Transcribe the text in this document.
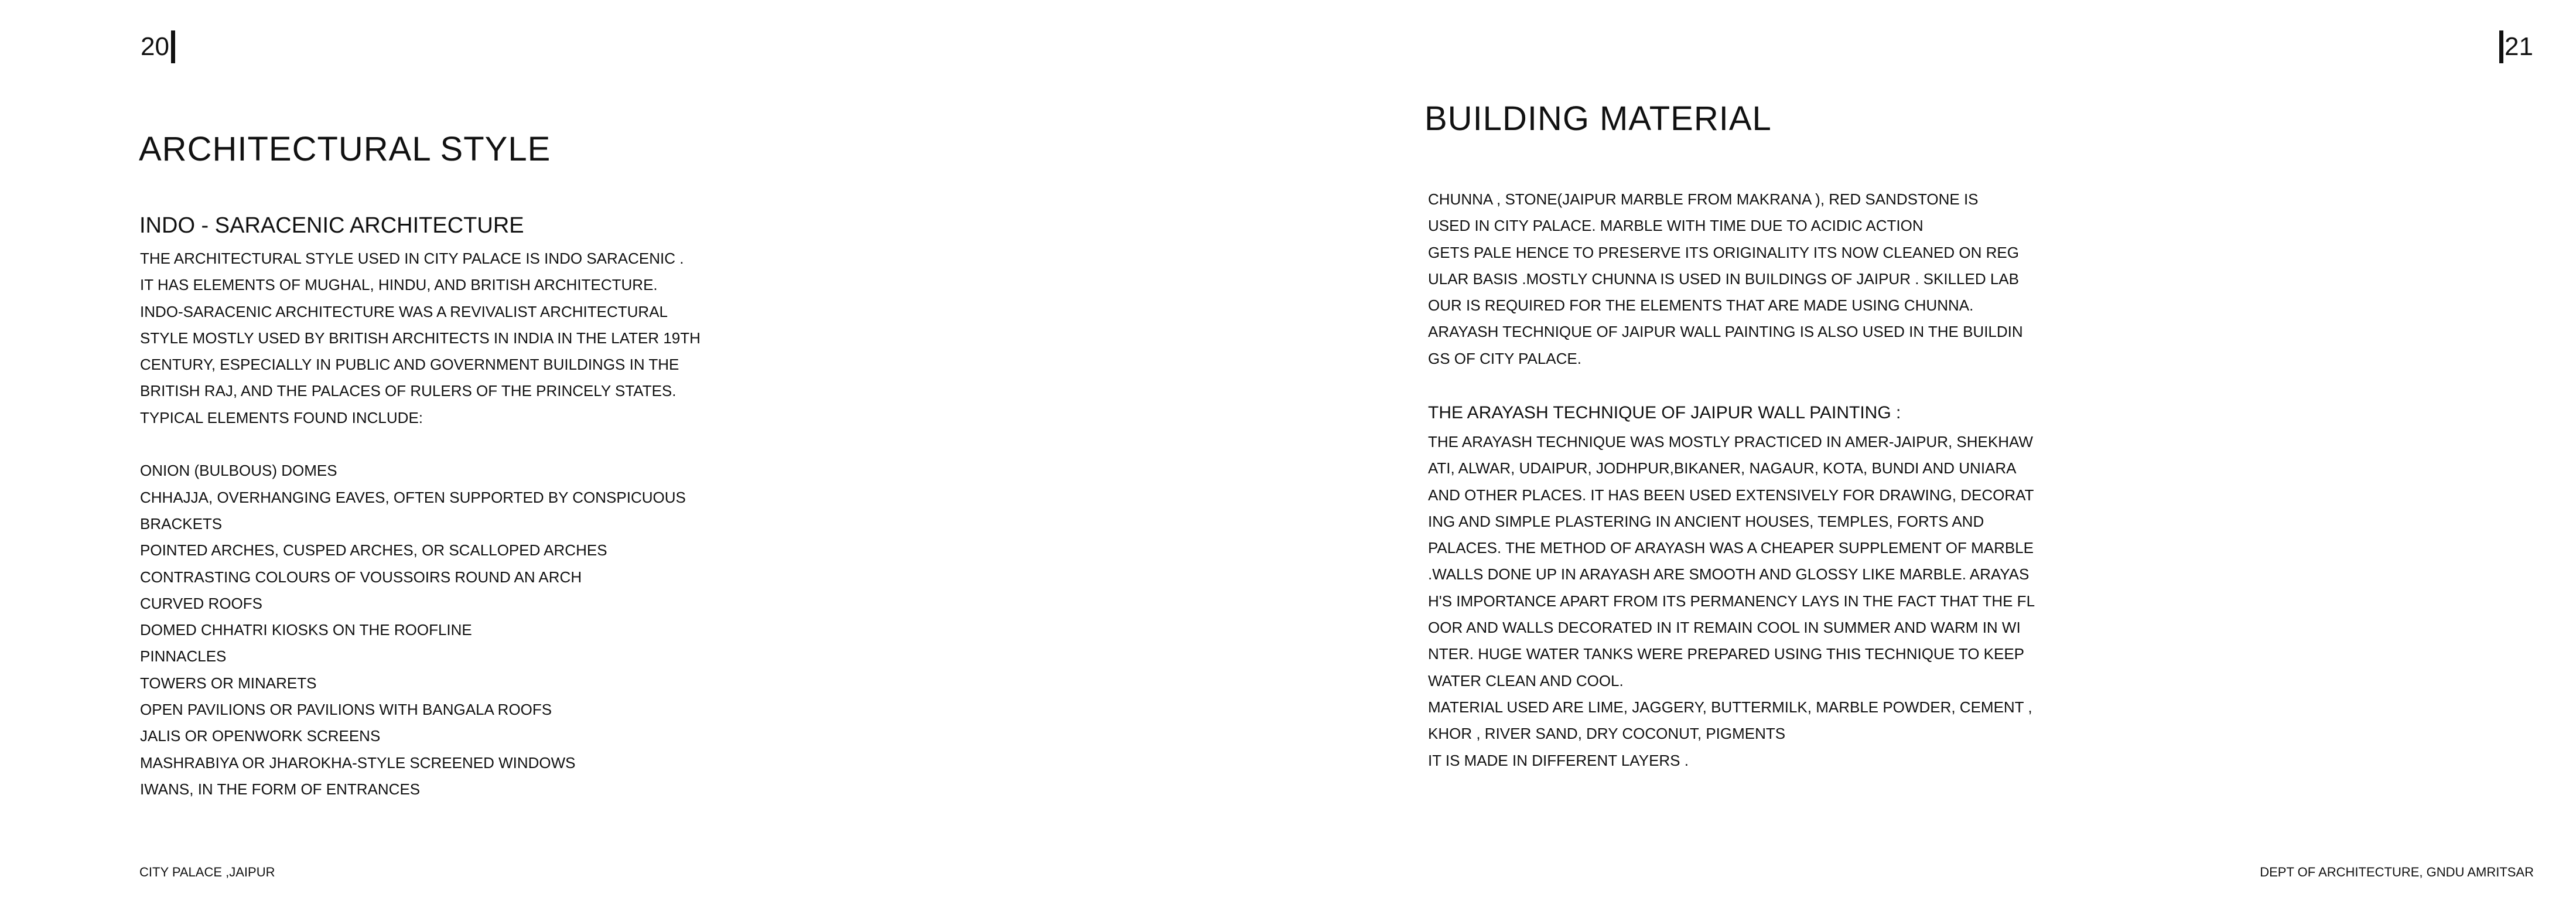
20
ARCHITECTURAL STYLE
INDO - SARACENIC ARCHITECTURE
THE ARCHITECTURAL STYLE USED IN CITY PALACE IS INDO SARACENIC .
IT HAS ELEMENTS OF MUGHAL, HINDU, AND BRITISH ARCHITECTURE.
INDO-SARACENIC ARCHITECTURE WAS A REVIVALIST ARCHITECTURAL
STYLE MOSTLY USED BY BRITISH ARCHITECTS IN INDIA IN THE LATER 19TH
CENTURY, ESPECIALLY IN PUBLIC AND GOVERNMENT BUILDINGS IN THE
BRITISH RAJ, AND THE PALACES OF RULERS OF THE PRINCELY STATES.
TYPICAL ELEMENTS FOUND INCLUDE:
ONION (BULBOUS) DOMES
CHHAJJA, OVERHANGING EAVES, OFTEN SUPPORTED BY CONSPICUOUS
BRACKETS
POINTED ARCHES, CUSPED ARCHES, OR SCALLOPED ARCHES
CONTRASTING COLOURS OF VOUSSOIRS ROUND AN ARCH
CURVED ROOFS
DOMED CHHATRI KIOSKS ON THE ROOFLINE
PINNACLES
TOWERS OR MINARETS
OPEN PAVILIONS OR PAVILIONS WITH BANGALA ROOFS
JALIS OR OPENWORK SCREENS
MASHRABIYA OR JHAROKHA-STYLE SCREENED WINDOWS
IWANS, IN THE FORM OF ENTRANCES
CITY PALACE ,JAIPUR
21
BUILDING MATERIAL
CHUNNA , STONE(JAIPUR MARBLE FROM MAKRANA ), RED SANDSTONE IS
USED IN CITY PALACE. MARBLE WITH TIME DUE TO ACIDIC ACTION
GETS PALE HENCE TO PRESERVE ITS ORIGINALITY ITS NOW CLEANED ON REG
ULAR BASIS .MOSTLY CHUNNA IS USED IN BUILDINGS OF JAIPUR . SKILLED LAB
OUR IS REQUIRED FOR THE ELEMENTS THAT ARE MADE USING CHUNNA.
ARAYASH TECHNIQUE OF JAIPUR WALL PAINTING IS ALSO USED IN THE BUILDIN
GS OF CITY PALACE.
THE ARAYASH TECHNIQUE OF JAIPUR WALL PAINTING :
THE ARAYASH TECHNIQUE WAS MOSTLY PRACTICED IN AMER-JAIPUR, SHEKHAW
ATI, ALWAR, UDAIPUR, JODHPUR,BIKANER, NAGAUR, KOTA, BUNDI AND UNIARA
AND OTHER PLACES. IT HAS BEEN USED EXTENSIVELY FOR DRAWING, DECORAT
ING AND SIMPLE PLASTERING IN ANCIENT HOUSES, TEMPLES, FORTS AND
PALACES. THE METHOD OF ARAYASH WAS A CHEAPER SUPPLEMENT OF MARBLE
.WALLS DONE UP IN ARAYASH ARE SMOOTH AND GLOSSY LIKE MARBLE. ARAYAS
H'S IMPORTANCE APART FROM ITS PERMANENCY LAYS IN THE FACT THAT THE FL
OOR AND WALLS DECORATED IN IT REMAIN COOL IN SUMMER AND WARM IN WI
NTER. HUGE WATER TANKS WERE PREPARED USING THIS TECHNIQUE TO KEEP
WATER CLEAN AND COOL.
MATERIAL USED ARE LIME, JAGGERY, BUTTERMILK, MARBLE POWDER, CEMENT ,
KHOR , RIVER SAND, DRY COCONUT, PIGMENTS
IT IS MADE IN DIFFERENT LAYERS .
DEPT OF ARCHITECTURE, GNDU AMRITSAR
